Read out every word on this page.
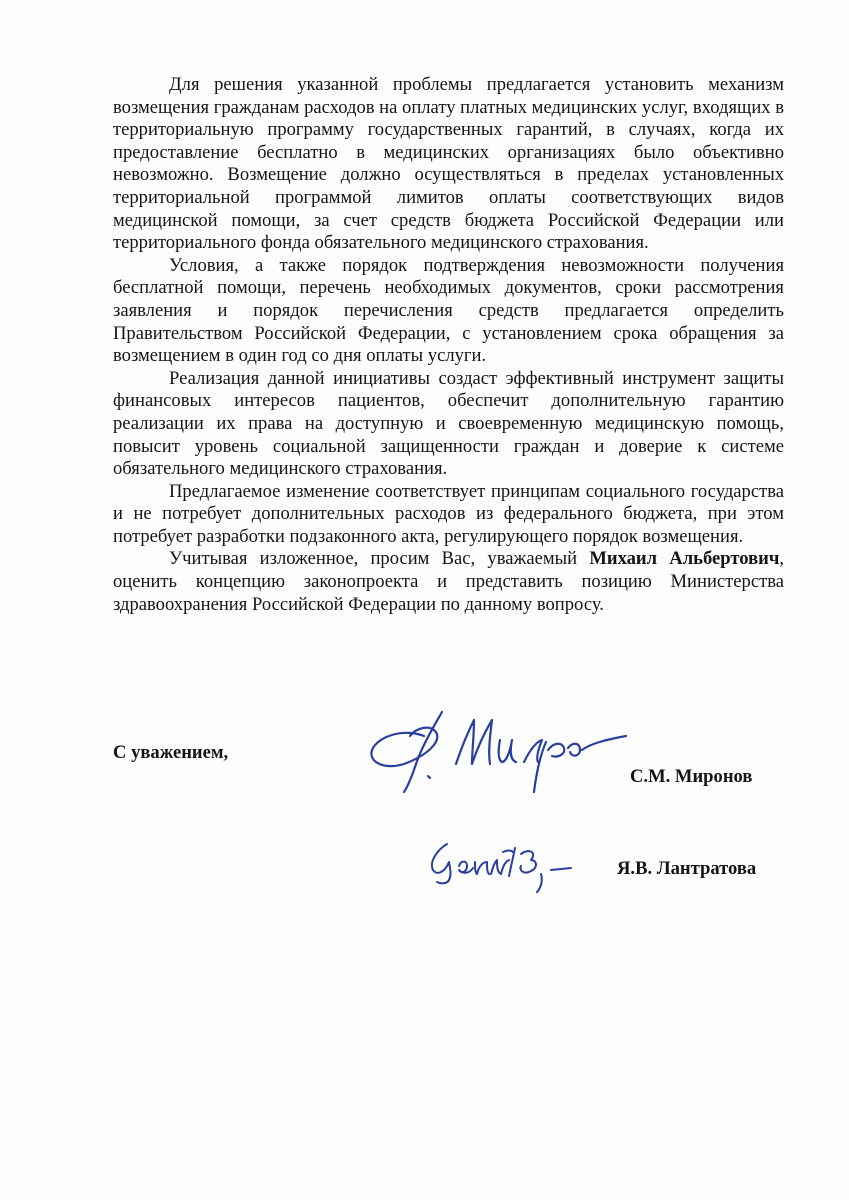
Для решения указанной проблемы предлагается установить механизм возмещения гражданам расходов на оплату платных медицинских услуг, входящих в территориальную программу государственных гарантий, в случаях, когда их предоставление бесплатно в медицинских организациях было объективно невозможно. Возмещение должно осуществляться в пределах установленных территориальной программой лимитов оплаты соответствующих видов медицинской помощи, за счет средств бюджета Российской Федерации или территориального фонда обязательного медицинского страхования.

Условия, а также порядок подтверждения невозможности получения бесплатной помощи, перечень необходимых документов, сроки рассмотрения заявления и порядок перечисления средств предлагается определить Правительством Российской Федерации, с установлением срока обращения за возмещением в один год со дня оплаты услуги.

Реализация данной инициативы создаст эффективный инструмент защиты финансовых интересов пациентов, обеспечит дополнительную гарантию реализации их права на доступную и своевременную медицинскую помощь, повысит уровень социальной защищенности граждан и доверие к системе обязательного медицинского страхования.

Предлагаемое изменение соответствует принципам социального государства и не потребует дополнительных расходов из федерального бюджета, при этом потребует разработки подзаконного акта, регулирующего порядок возмещения.

Учитывая изложенное, просим Вас, уважаемый Михаил Альбертович, оценить концепцию законопроекта и представить позицию Министерства здравоохранения Российской Федерации по данному вопросу.

С уважением,
С.М. Миронов
Я.В. Лантратова
